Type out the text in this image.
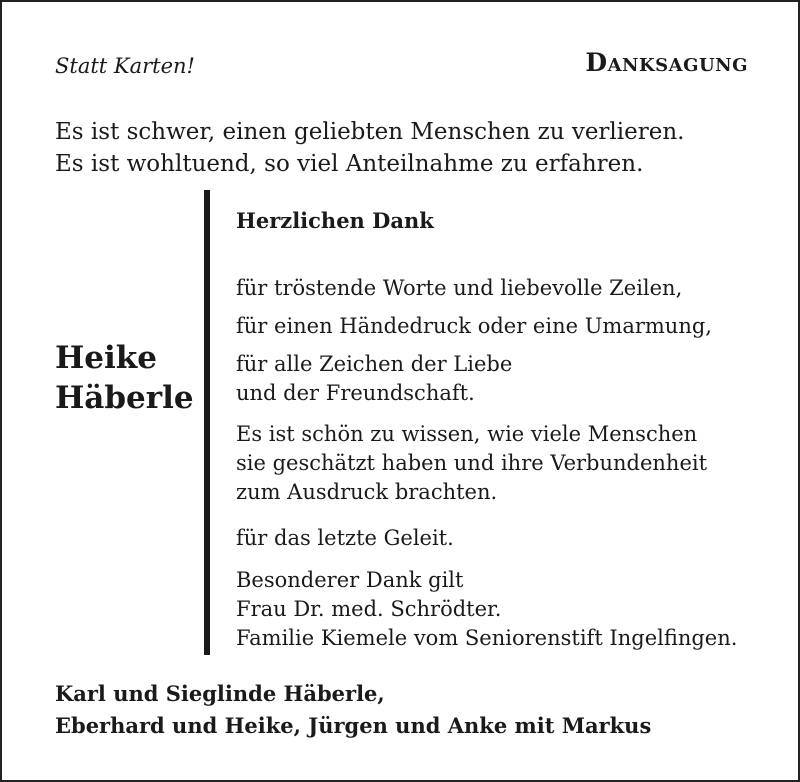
Statt Karten!	Danksagung
Es ist schwer, einen geliebten Menschen zu verlieren.
Es ist wohltuend, so viel Anteilnahme zu erfahren.
Heike
Häberle
Herzlichen Dank
für tröstende Worte und liebevolle Zeilen,
für einen Händedruck oder eine Umarmung,
für alle Zeichen der Liebe
und der Freundschaft.
Es ist schön zu wissen, wie viele Menschen
sie geschätzt haben und ihre Verbundenheit
zum Ausdruck brachten.
für das letzte Geleit.
Besonderer Dank gilt
Frau Dr. med. Schrödter.
Familie Kiemele vom Seniorenstift Ingelfingen.
Karl und Sieglinde Häberle,
Eberhard und Heike, Jürgen und Anke mit Markus
